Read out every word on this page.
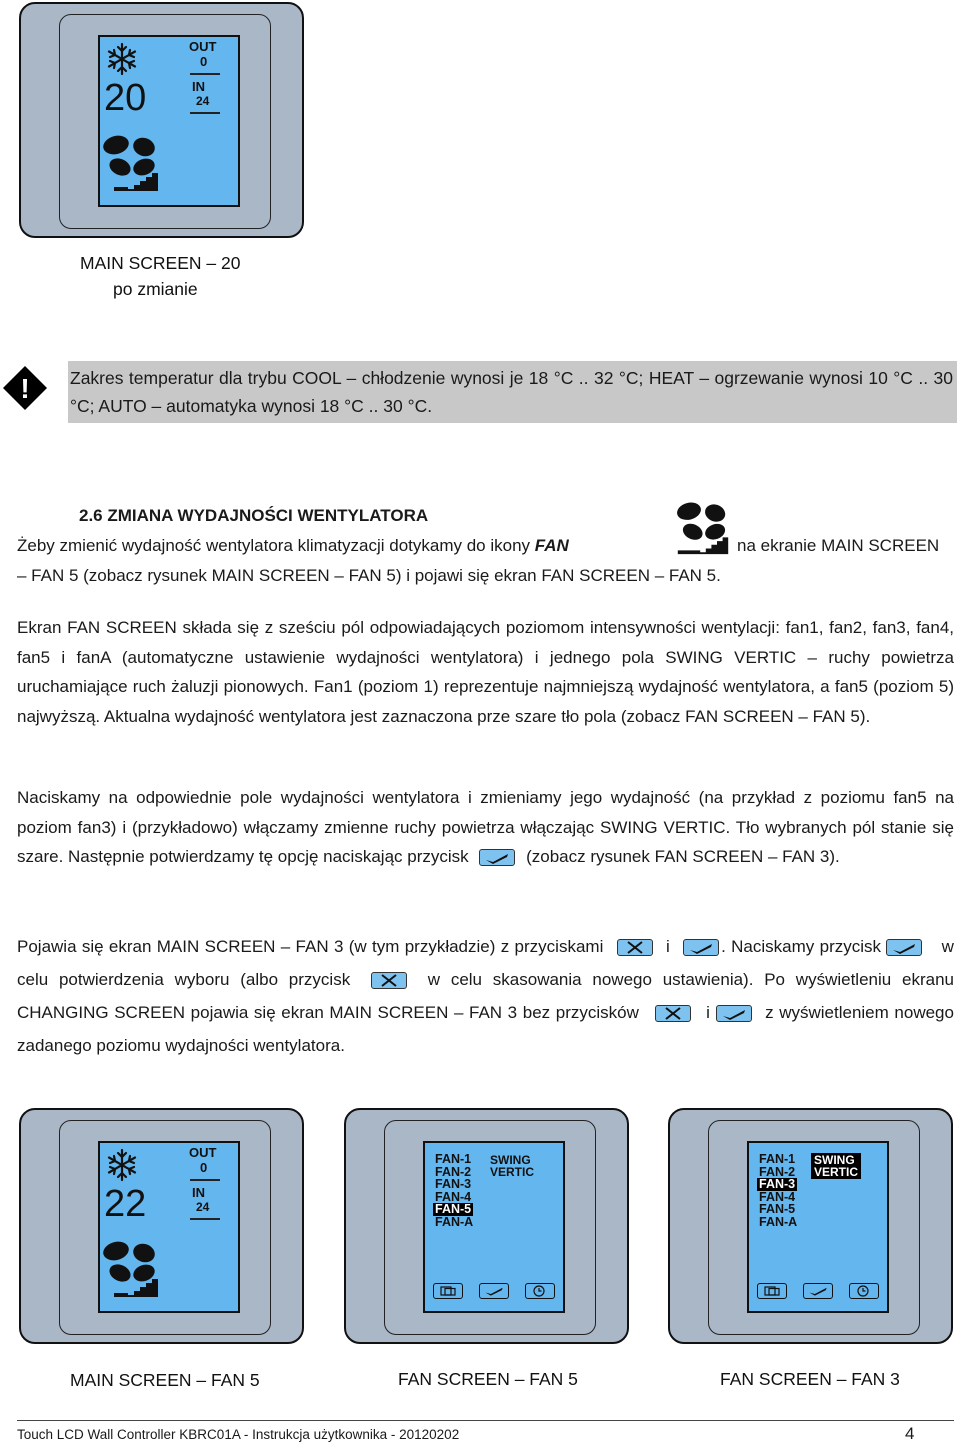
20
OUT
0
IN
24
MAIN SCREEN – 20
po zmianie
! Zakres temperatur dla trybu COOL – chłodzenie wynosi je 18 °C .. 32 °C; HEAT – ogrzewanie wynosi 10 °C .. 30 °C; AUTO – automatyka wynosi 18 °C .. 30 °C.
2.6 ZMIANA WYDAJNOŚCI WENTYLATORA
Żeby zmienić wydajność wentylatora klimatyzacji dotykamy do ikony FAN	na ekranie MAIN SCREEN
– FAN 5 (zobacz rysunek MAIN SCREEN – FAN 5) i pojawi się ekran FAN SCREEN – FAN 5.
Ekran FAN SCREEN składa się z sześciu pól odpowiadających poziomom intensywności wentylacji: fan1, fan2, fan3, fan4, fan5 i fanA (automatyczne ustawienie wydajności wentylatora) i jednego pola SWING VERTIC – ruchy powietrza uruchamiające ruch żaluzji pionowych. Fan1 (poziom 1) reprezentuje najmniejszą wydajność wentylatora, a fan5 (poziom 5) najwyższą. Aktualna wydajność wentylatora jest zaznaczona prze szare tło pola (zobacz FAN SCREEN – FAN 5).
Naciskamy na odpowiednie pole wydajności wentylatora i zmieniamy jego wydajność (na przykład z poziomu fan5 na poziom fan3) i (przykładowo) włączamy zmienne ruchy powietrza włączając SWING VERTIC. Tło wybranych pól stanie się szare. Następnie potwierdzamy tę opcję naciskając przycisk	(zobacz rysunek FAN SCREEN – FAN 3).
Pojawia się ekran MAIN SCREEN – FAN 3 (w tym przykładzie) z przyciskami	i	. Naciskamy przycisk	w celu potwierdzenia wyboru (albo przycisk	w celu skasowania nowego ustawienia). Po wyświetleniu ekranu CHANGING SCREEN pojawia się ekran MAIN SCREEN – FAN 3 bez przycisków	i	z wyświetleniem nowego zadanego poziomu wydajności wentylatora.
22
OUT
0
IN
24
MAIN SCREEN – FAN 5
FAN-1
FAN-2
FAN-3
FAN-4
FAN-5
FAN-A
SWING
VERTIC
FAN SCREEN – FAN 5
FAN-1
FAN-2
FAN-3
FAN-4
FAN-5
FAN-A
SWING
VERTIC
FAN SCREEN – FAN 3
Touch LCD Wall Controller KBRC01A - Instrukcja użytkownika - 20120202	4
